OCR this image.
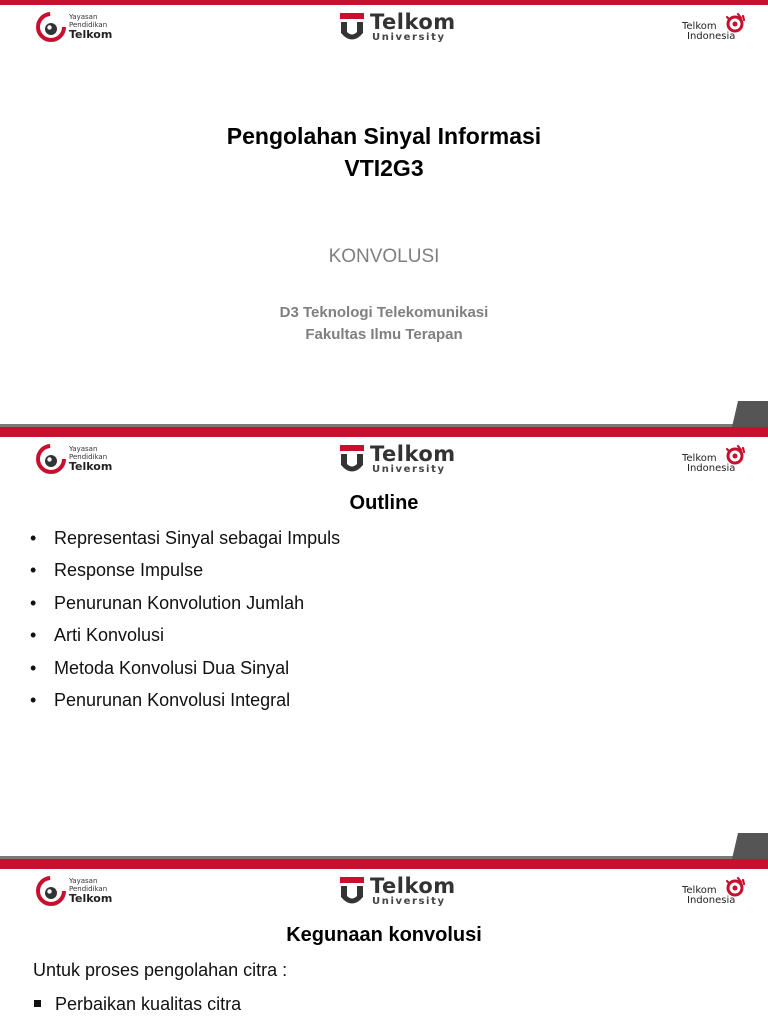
Yayasan
Pendidikan
Telkom
Telkom
University
Telkom
Indonesia
Pengolahan Sinyal Informasi
VTI2G3
KONVOLUSI
D3 Teknologi Telekomunikasi
Fakultas Ilmu Terapan
Yayasan
Pendidikan
Telkom
Telkom
University
Telkom
Indonesia
Outline
• Representasi Sinyal sebagai Impuls
• Response Impulse
• Penurunan Konvolution Jumlah
• Arti Konvolusi
• Metoda Konvolusi Dua Sinyal
• Penurunan Konvolusi Integral
Yayasan
Pendidikan
Telkom
Telkom
University
Telkom
Indonesia
Kegunaan konvolusi
Untuk proses pengolahan citra :
Perbaikan kualitas citra
